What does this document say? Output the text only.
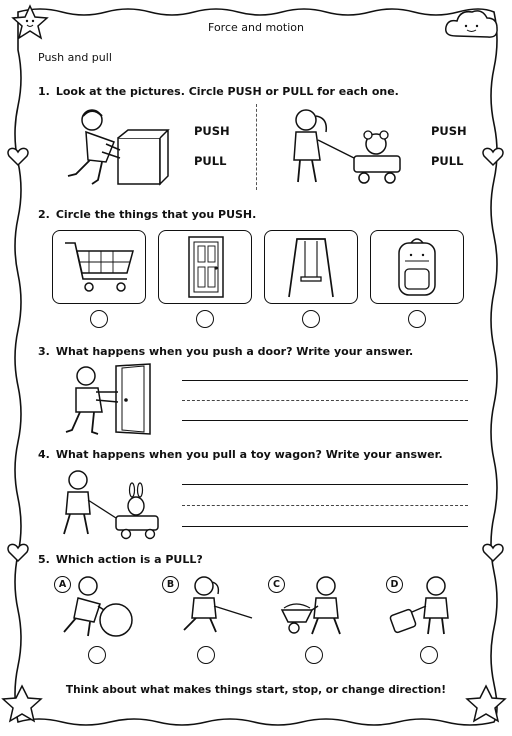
Force and motion
Push and pull
1. Look at the pictures. Circle PUSH or PULL for each one.
PUSH
PULL
PUSH
PULL
2. Circle the things that you PUSH.
3. What happens when you push a door? Write your answer.
4. What happens when you pull a toy wagon? Write your answer.
5. Which action is a PULL?
A	B	C	D
Think about what makes things start, stop, or change direction!
